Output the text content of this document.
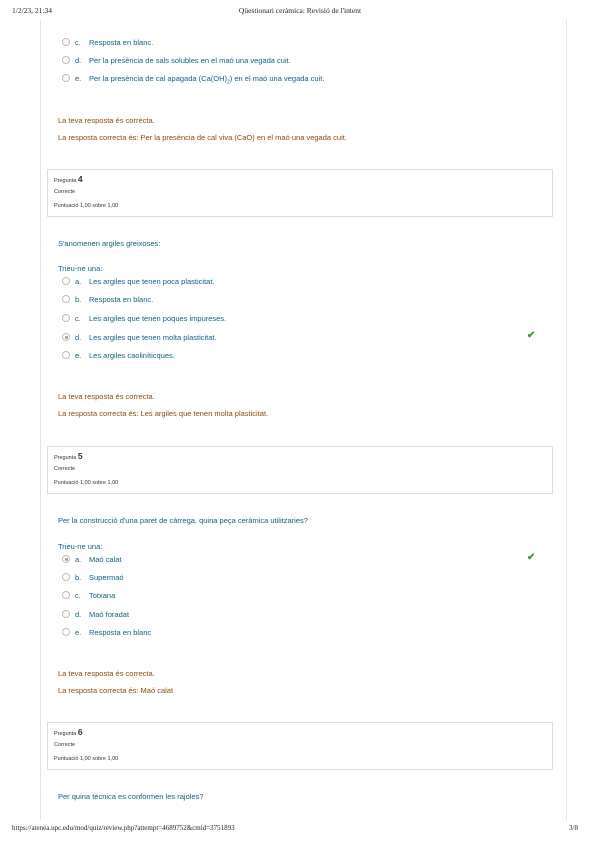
1/2/23, 21:34	Qüestionari ceràmica: Revisió de l'intent
c. Resposta en blanc.
d. Per la presència de sals solubles en el maó una vegada cuit.
e. Per la presència de cal apagada $(Ca(OH)_2)$ en el maó una vegada cuit.
La teva resposta és correcta.
La resposta correcta és: Per la presència de cal viva (CaO) en el maó una vegada cuit.
Pregunta 4
Correcte
Puntuació 1,00 sobre 1,00
S'anomenen argiles greixoses:
Trieu-ne una:
a. Les argiles que tenen poca plasticitat.
b. Resposta en blanc.
c. Les argiles que tenen poques impureses.
d. Les argiles que tenen molta plasticitat.	✔
e. Les argiles caoliníticques.
La teva resposta és correcta.
La resposta correcta és: Les argiles que tenen molta plasticitat.
Pregunta 5
Correcte
Puntuació 1,00 sobre 1,00
Per la construcció d'una paret de càrrega, quina peça ceràmica utilitzaries?
Trieu-ne una:
a. Maó calat	✔
b. Supermaó
c. Totxana
d. Maó foradat
e. Resposta en blanc
La teva resposta és correcta.
La resposta correcta és: Maó calat
Pregunta 6
Correcte
Puntuació 1,00 sobre 1,00
Per quina tècnica es conformen les rajoles?
https://atenea.upc.edu/mod/quiz/review.php?attempt=4689752&cmid=3751893	3/8
